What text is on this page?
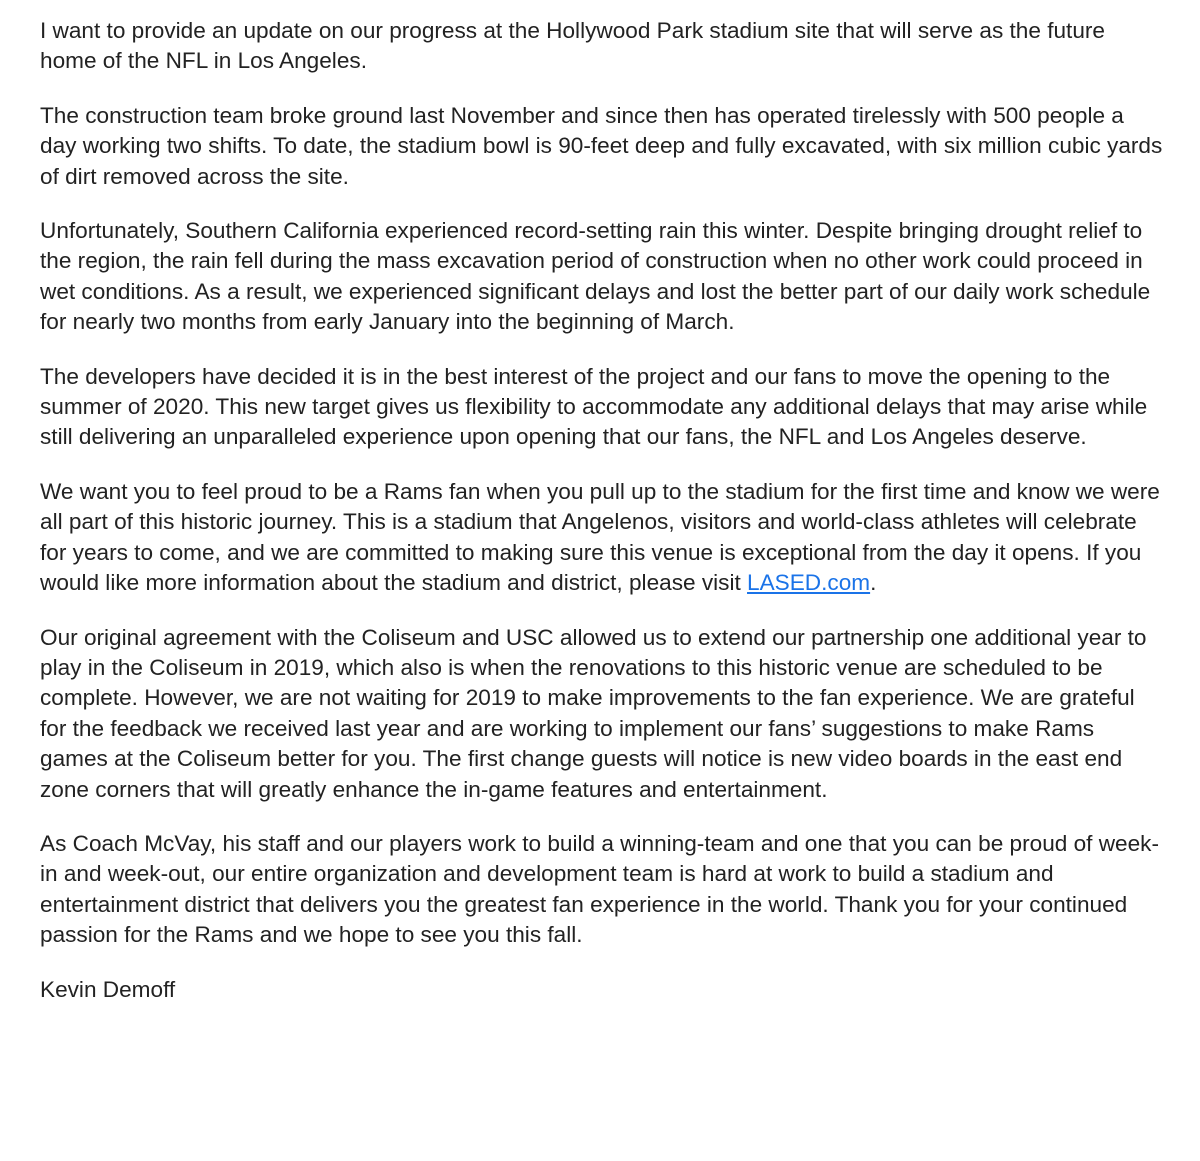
I want to provide an update on our progress at the Hollywood Park stadium site that will serve as the future home of the NFL in Los Angeles.

The construction team broke ground last November and since then has operated tirelessly with 500 people a day working two shifts. To date, the stadium bowl is 90-feet deep and fully excavated, with six million cubic yards of dirt removed across the site.

Unfortunately, Southern California experienced record-setting rain this winter. Despite bringing drought relief to the region, the rain fell during the mass excavation period of construction when no other work could proceed in wet conditions. As a result, we experienced significant delays and lost the better part of our daily work schedule for nearly two months from early January into the beginning of March.

The developers have decided it is in the best interest of the project and our fans to move the opening to the summer of 2020. This new target gives us flexibility to accommodate any additional delays that may arise while still delivering an unparalleled experience upon opening that our fans, the NFL and Los Angeles deserve.

We want you to feel proud to be a Rams fan when you pull up to the stadium for the first time and know we were all part of this historic journey. This is a stadium that Angelenos, visitors and world-class athletes will celebrate for years to come, and we are committed to making sure this venue is exceptional from the day it opens. If you would like more information about the stadium and district, please visit LASED.com.

Our original agreement with the Coliseum and USC allowed us to extend our partnership one additional year to play in the Coliseum in 2019, which also is when the renovations to this historic venue are scheduled to be complete. However, we are not waiting for 2019 to make improvements to the fan experience. We are grateful for the feedback we received last year and are working to implement our fans’ suggestions to make Rams games at the Coliseum better for you. The first change guests will notice is new video boards in the east end zone corners that will greatly enhance the in-game features and entertainment.

As Coach McVay, his staff and our players work to build a winning-team and one that you can be proud of week-in and week-out, our entire organization and development team is hard at work to build a stadium and entertainment district that delivers you the greatest fan experience in the world. Thank you for your continued passion for the Rams and we hope to see you this fall.

Kevin Demoff
